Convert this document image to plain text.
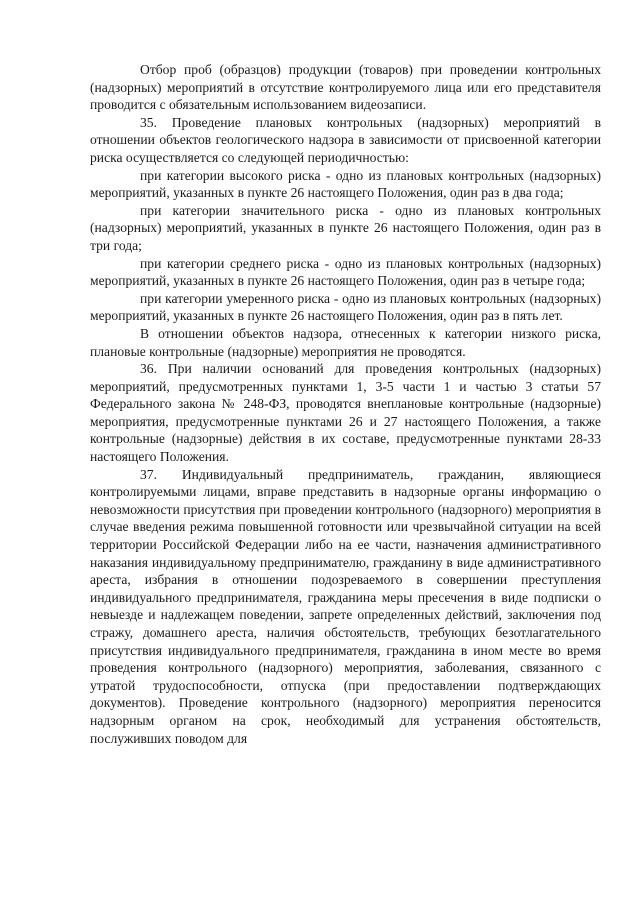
Отбор проб (образцов) продукции (товаров) при проведении контрольных (надзорных) мероприятий в отсутствие контролируемого лица или его представителя проводится с обязательным использованием видеозаписи.

35. Проведение плановых контрольных (надзорных) мероприятий в отношении объектов геологического надзора в зависимости от присвоенной категории риска осуществляется со следующей периодичностью:

при категории высокого риска - одно из плановых контрольных (надзорных) мероприятий, указанных в пункте 26 настоящего Положения, один раз в два года;

при категории значительного риска - одно из плановых контрольных (надзорных) мероприятий, указанных в пункте 26 настоящего Положения, один раз в три года;

при категории среднего риска - одно из плановых контрольных (надзорных) мероприятий, указанных в пункте 26 настоящего Положения, один раз в четыре года;

при категории умеренного риска - одно из плановых контрольных (надзорных) мероприятий, указанных в пункте 26 настоящего Положения, один раз в пять лет.

В отношении объектов надзора, отнесенных к категории низкого риска, плановые контрольные (надзорные) мероприятия не проводятся.

36. При наличии оснований для проведения контрольных (надзорных) мероприятий, предусмотренных пунктами 1, 3-5 части 1 и частью 3 статьи 57 Федерального закона № 248-ФЗ, проводятся внеплановые контрольные (надзорные) мероприятия, предусмотренные пунктами 26 и 27 настоящего Положения, а также контрольные (надзорные) действия в их составе, предусмотренные пунктами 28-33 настоящего Положения.

37. Индивидуальный предприниматель, гражданин, являющиеся контролируемыми лицами, вправе представить в надзорные органы информацию о невозможности присутствия при проведении контрольного (надзорного) мероприятия в случае введения режима повышенной готовности или чрезвычайной ситуации на всей территории Российской Федерации либо на ее части, назначения административного наказания индивидуальному предпринимателю, гражданину в виде административного ареста, избрания в отношении подозреваемого в совершении преступления индивидуального предпринимателя, гражданина меры пресечения в виде подписки о невыезде и надлежащем поведении, запрете определенных действий, заключения под стражу, домашнего ареста, наличия обстоятельств, требующих безотлагательного присутствия индивидуального предпринимателя, гражданина в ином месте во время проведения контрольного (надзорного) мероприятия, заболевания, связанного с утратой трудоспособности, отпуска (при предоставлении подтверждающих документов). Проведение контрольного (надзорного) мероприятия переносится надзорным органом на срок, необходимый для устранения обстоятельств, послуживших поводом для
